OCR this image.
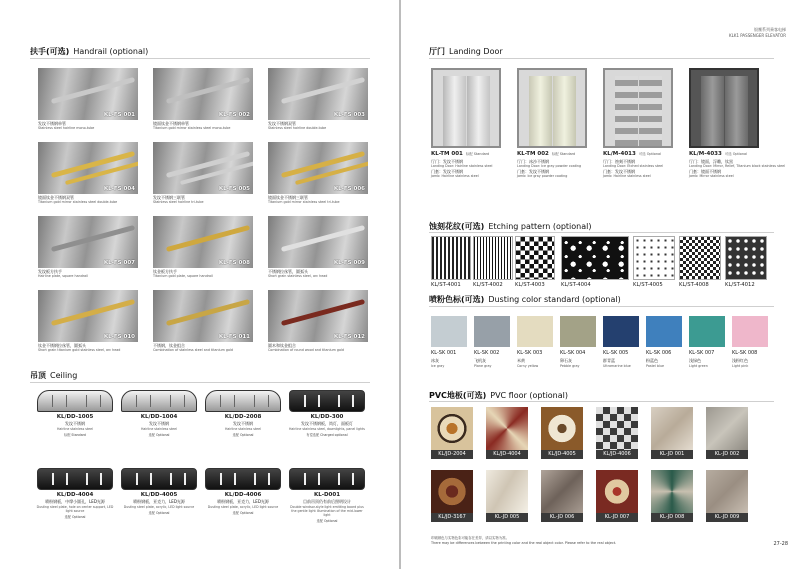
扶手(可选) Handrail (optional)
KL-FS 001
发纹不锈钢单管
Stainless steel hairline mono-tube
KL-FS 002
镜面钛金不锈钢单管
Titanium gold mirror stainless steel mono-tube
KL-FS 003
发纹不锈钢双管
Stainless steel hairline double-tube
KL-FS 004
镜面钛金不锈钢双管
Titanium gold mirror stainless steel double-tube
KL-FS 005
发纹不锈钢三联管
Stainless steel hairline tri-tube
KL-FS 006
镜面钛金不锈钢三联管
Titanium gold mirror stainless steel tri-tube
KL-FS 007
发纹板方扶手
Hairline plate, square handrail
KL-FS 008
钛金板方扶手
Titanium gold plate, square handrail
KL-FS 009
不锈钢拉丝管，圆弧头
Short grain stainless steel, arc head
KL-FS 010
钛金不锈钢拉丝管，圆弧头
Short grain titanium gold stainless steel, arc head
KL-FS 011
不锈钢，钛金组合
Combination of stainless steel and titanium gold
KL-FS 012
圆木和钛金组合
Combination of round wood and titanium gold
吊顶 Ceiling
KL/DD-1005
发纹不锈钢
Hairline stainless steel
标配 Standard
KL/DD-1004
发纹不锈钢
Hairline stainless steel
选配 Optional
KL/DD-2008
发纹不锈钢
Hairline stainless steel
选配 Optional
KL/DD-300
发纹不锈钢板，筒灯，面板灯
Hairline stainless steel, downlights, panel lights
有偿选配 Charged optional
KL/DD-4004
喷粉钢板，中摩小圆孔，LED光源
Dusting steel plate, hole on center support, LED light source
选配 Optional
KL/DD-4005
喷粉钢板，亚克力，LED光源
Dusting steel plate, acrylic, LED light source
选配 Optional
KL/DD-4006
喷粉钢板，亚克力，LED光源
Dusting steel plate, acrylic, LED light source
选配 Optional
KL-D001
目前吊顶仍有前后照明设计
Double windsor-style light emitting board plus the gentle light illumination of the mid-lower light
选配 Optional
银鹰系列乘客电梯
KLK1 PASSENGER ELEVATOR
厅门 Landing Door
KL-TM 001 标配 Standard
厅门：发纹不锈钢
Landing Door: Hairline stainless steel
门套：发纹不锈钢
Jamb: Hairline stainless steel
KL-TM 002 标配 Standard
厅门：冰沙不锈钢
Landing Door: Ice gray powder coating
门套：发纹不锈钢
Jamb: Ice gray powder coating
KL/M-4013 可选 Optional
厅门：蚀刻不锈钢
Landing Door: Etched stainless steel
门套：发纹不锈钢
Jamb: Hairline stainless steel
KL/M-4033 可选 Optional
厅门：镜面，浮雕，钛黑
Landing Door: Mirror, Relief, Titanium black stainless steel
门套：镜面不锈钢
Jamb: Mirror stainless steel
蚀刻花纹(可选) Etching pattern (optional)
KL/ST-4001	KL/ST-4002	KL/ST-4003	KL/ST-4004	KL/ST-4005	KL/ST-4008	KL/ST-4012
喷粉色标(可选) Dusting color standard (optional)
KL-SK 001
冰灰
Ice gray
KL-SK 002
飞机灰
Plane gray
KL-SK 003
米黄
Corny yellow
KL-SK 004
卵石灰
Pebble gray
KL-SK 005
群青蓝
Ultramarine blue
KL-SK 006
粉蓝色
Pastel blue
KL-SK 007
浅绿色
Light green
KL-SK 008
浅粉红色
Light pink
PVC地板(可选) PVC floor (optional)
KL/JD-2004	KL/JD-4004	KL/JD-4005	KL/JD-4006	KL-JD 001	KL-JD 002
KL/JD-3167	KL-JD 005	KL-JD 006	KL-JD 007	KL-JD 008	KL-JD 009
印刷颜色与实物色彩可能存在差异，请以实物为准。
There may be differences between the printing color and the real object color. Please refer to the real object.	27-28
